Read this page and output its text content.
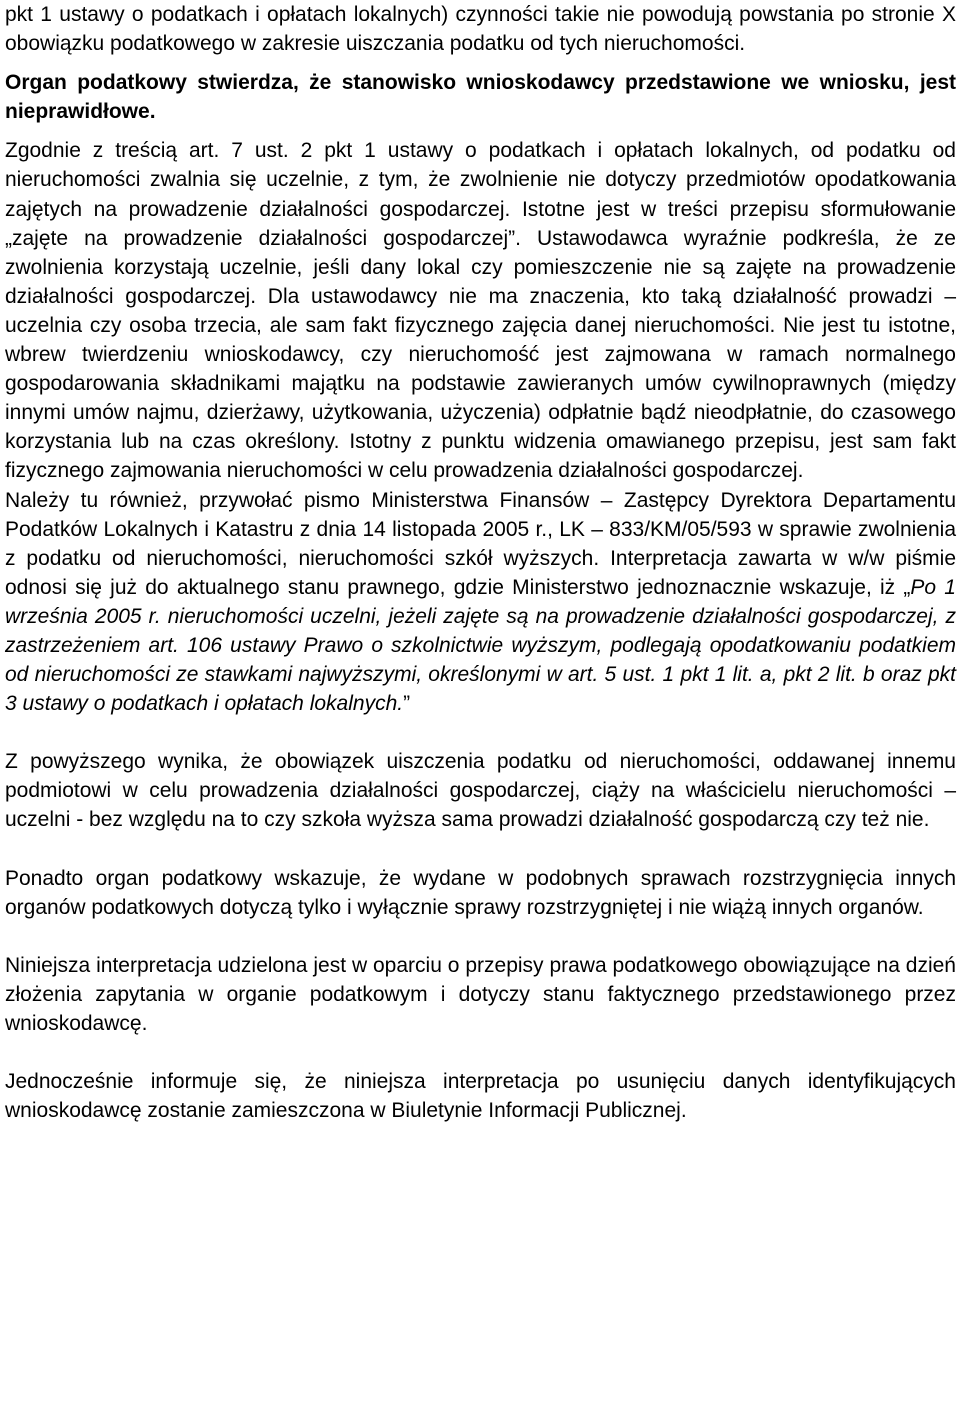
pkt 1 ustawy o podatkach i opłatach lokalnych) czynności takie nie powodują powstania po stronie X obowiązku podatkowego w zakresie uiszczania podatku od tych nieruchomości.

Organ podatkowy stwierdza, że stanowisko wnioskodawcy przedstawione we wniosku, jest nieprawidłowe.

Zgodnie z treścią art. 7 ust. 2 pkt 1 ustawy o podatkach i opłatach lokalnych, od podatku od nieruchomości zwalnia się uczelnie, z tym, że zwolnienie nie dotyczy przedmiotów opodatkowania zajętych na prowadzenie działalności gospodarczej. Istotne jest w treści przepisu sformułowanie „zajęte na prowadzenie działalności gospodarczej”. Ustawodawca wyraźnie podkreśla, że ze zwolnienia korzystają uczelnie, jeśli dany lokal czy pomieszczenie nie są zajęte na prowadzenie działalności gospodarczej. Dla ustawodawcy nie ma znaczenia, kto taką działalność prowadzi – uczelnia czy osoba trzecia, ale sam fakt fizycznego zajęcia danej nieruchomości. Nie jest tu istotne, wbrew twierdzeniu wnioskodawcy, czy nieruchomość jest zajmowana w ramach normalnego gospodarowania składnikami majątku na podstawie zawieranych umów cywilnoprawnych (między innymi umów najmu, dzierżawy, użytkowania, użyczenia) odpłatnie bądź nieodpłatnie, do czasowego korzystania lub na czas określony. Istotny z punktu widzenia omawianego przepisu, jest sam fakt fizycznego zajmowania nieruchomości w celu prowadzenia działalności gospodarczej.

Należy tu również, przywołać pismo Ministerstwa Finansów – Zastępcy Dyrektora Departamentu Podatków Lokalnych i Katastru z dnia 14 listopada 2005 r., LK – 833/KM/05/593 w sprawie zwolnienia z podatku od nieruchomości, nieruchomości szkół wyższych. Interpretacja zawarta w w/w piśmie odnosi się już do aktualnego stanu prawnego, gdzie Ministerstwo jednoznacznie wskazuje, iż „Po 1 września 2005 r. nieruchomości uczelni, jeżeli zajęte są na prowadzenie działalności gospodarczej, z zastrzeżeniem art. 106 ustawy Prawo o szkolnictwie wyższym, podlegają opodatkowaniu podatkiem od nieruchomości ze stawkami najwyższymi, określonymi w art. 5 ust. 1 pkt 1 lit. a, pkt 2 lit. b oraz pkt 3 ustawy o podatkach i opłatach lokalnych.”

Z powyższego wynika, że obowiązek uiszczenia podatku od nieruchomości, oddawanej innemu podmiotowi w celu prowadzenia działalności gospodarczej, ciąży na właścicielu nieruchomości – uczelni - bez względu na to czy szkoła wyższa sama prowadzi działalność gospodarczą czy też nie.

Ponadto organ podatkowy wskazuje, że wydane w podobnych sprawach rozstrzygnięcia innych organów podatkowych dotyczą tylko i wyłącznie sprawy rozstrzygniętej i nie wiążą innych organów.

Niniejsza interpretacja udzielona jest w oparciu o przepisy prawa podatkowego obowiązujące na dzień złożenia zapytania w organie podatkowym i dotyczy stanu faktycznego przedstawionego przez wnioskodawcę.

Jednocześnie informuje się, że niniejsza interpretacja po usunięciu danych identyfikujących wnioskodawcę zostanie zamieszczona w Biuletynie Informacji Publicznej.
